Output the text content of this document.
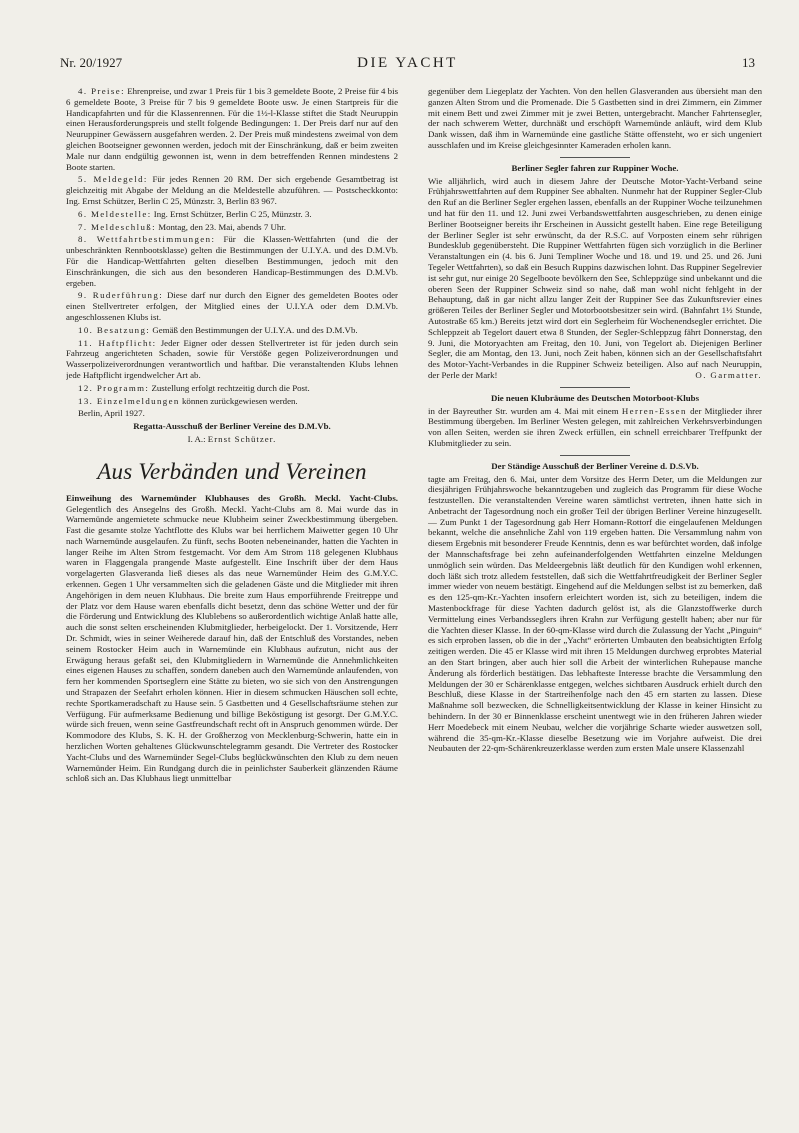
Nr. 20/1927	DIE YACHT	13

4. Preise: Ehrenpreise, und zwar 1 Preis für 1 bis 3 gemeldete Boote, 2 Preise für 4 bis 6 gemeldete Boote, 3 Preise für 7 bis 9 gemeldete Boote usw. Je einen Startpreis für die Handicapfahrten und für die Klassenrennen. Für die 1½-l-Klasse stiftet die Stadt Neuruppin einen Herausforderungspreis und stellt folgende Bedingungen: 1. Der Preis darf nur auf den Neuruppiner Gewässern ausgefahren werden. 2. Der Preis muß mindestens zweimal von dem gleichen Bootseigner gewonnen werden, jedoch mit der Einschränkung, daß er beim zweiten Male nur dann endgültig gewonnen ist, wenn in dem betreffenden Rennen mindestens 2 Boote starten.

5. Meldegeld: Für jedes Rennen 20 RM. Der sich ergebende Gesamtbetrag ist gleichzeitig mit Abgabe der Meldung an die Meldestelle abzuführen. — Postscheckkonto: Ing. Ernst Schützer, Berlin C 25, Münzstr. 3, Berlin 83 967.

6. Meldestelle: Ing. Ernst Schützer, Berlin C 25, Münzstr. 3.

7. Meldeschluß: Montag, den 23. Mai, abends 7 Uhr.

8. Wettfahrtbestimmungen: Für die Klassen-Wettfahrten (und die der unbeschränkten Rennbootsklasse) gelten die Bestimmungen der U.I.Y.A. und des D.M.Vb. Für die Handicap-Wettfahrten gelten dieselben Bestimmungen, jedoch mit den Einschränkungen, die sich aus den besonderen Handicap-Bestimmungen des D.M.Vb. ergeben.

9. Ruderführung: Diese darf nur durch den Eigner des gemeldeten Bootes oder einen Stellvertreter erfolgen, der Mitglied eines der U.I.Y.A oder dem D.M.Vb. angeschlossenen Klubs ist.

10. Besatzung: Gemäß den Bestimmungen der U.I.Y.A. und des D.M.Vb.

11. Haftpflicht: Jeder Eigner oder dessen Stellvertreter ist für jeden durch sein Fahrzeug angerichteten Schaden, sowie für Verstöße gegen Polizeiverordnungen und Wasserpolizeiverordnungen verantwortlich und haftbar. Die veranstaltenden Klubs lehnen jede Haftpflicht irgendwelcher Art ab.

12. Programm: Zustellung erfolgt rechtzeitig durch die Post.

13. Einzelmeldungen können zurückgewiesen werden.

Berlin, April 1927.

Regatta-Ausschuß der Berliner Vereine des D.M.Vb.

I. A.: Ernst Schützer.

Aus Verbänden und Vereinen

Einweihung des Warnemünder Klubhauses des Großh. Meckl. Yacht-Clubs. Gelegentlich des Ansegelns des Großh. Meckl. Yacht-Clubs am 8. Mai wurde das in Warnemünde angemietete schmucke neue Klubheim seiner Zweckbestimmung übergeben. Fast die gesamte stolze Yachtflotte des Klubs war bei herrlichem Maiwetter gegen 10 Uhr nach Warnemünde ausgelaufen. Zu fünft, sechs Booten nebeneinander, hatten die Yachten in langer Reihe im Alten Strom festgemacht. Vor dem Am Strom 118 gelegenen Klubhaus waren in Flaggengala prangende Maste aufgestellt. Eine Inschrift über der dem Haus vorgelagerten Glasveranda ließ dieses als das neue Warnemünder Heim des G.M.Y.C. erkennen. Gegen 1 Uhr versammelten sich die geladenen Gäste und die Mitglieder mit ihren Angehörigen in dem neuen Klubhaus. Die breite zum Haus emporführende Freitreppe und der Platz vor dem Hause waren ebenfalls dicht besetzt, denn das schöne Wetter und der für die Förderung und Entwicklung des Klublebens so außerordentlich wichtige Anlaß hatte alle, auch die sonst selten erscheinenden Klubmitglieder, herbeigelockt. Der 1. Vorsitzende, Herr Dr. Schmidt, wies in seiner Weiherede darauf hin, daß der Entschluß des Vorstandes, neben seinem Rostocker Heim auch in Warnemünde ein Klubhaus aufzutun, nicht aus der Erwägung heraus gefaßt sei, den Klubmitgliedern in Warnemünde die Annehmlichkeiten eines eigenen Hauses zu schaffen, sondern daneben auch den Warnemünde anlaufenden, von fern her kommenden Sportseglern eine Stätte zu bieten, wo sie sich von den Anstrengungen und Strapazen der Seefahrt erholen können. Hier in diesem schmucken Häuschen soll echte, rechte Sportkameradschaft zu Hause sein. 5 Gastbetten und 4 Gesellschaftsräume stehen zur Verfügung. Für aufmerksame Bedienung und billige Beköstigung ist gesorgt. Der G.M.Y.C. würde sich freuen, wenn seine Gastfreundschaft recht oft in Anspruch genommen würde. Der Kommodore des Klubs, S. K. H. der Großherzog von Mecklenburg-Schwerin, hatte ein in herzlichen Worten gehaltenes Glückwunschtelegramm gesandt. Die Vertreter des Rostocker Yacht-Clubs und des Warnemünder Segel-Clubs beglückwünschten den Klub zu dem neuen Warnemünder Heim. Ein Rundgang durch die in peinlichster Sauberkeit glänzenden Räume schloß sich an. Das Klubhaus liegt unmittelbar

gegenüber dem Liegeplatz der Yachten. Von den hellen Glasveranden aus übersieht man den ganzen Alten Strom und die Promenade. Die 5 Gastbetten sind in drei Zimmern, ein Zimmer mit einem Bett und zwei Zimmer mit je zwei Betten, untergebracht. Mancher Fahrtensegler, der nach schwerem Wetter, durchnäßt und erschöpft Warnemünde anläuft, wird dem Klub Dank wissen, daß ihm in Warnemünde eine gastliche Stätte offensteht, wo er sich ungeniert ausschlafen und im Kreise gleichgesinnter Kameraden erholen kann.

Berliner Segler fahren zur Ruppiner Woche.

Wie alljährlich, wird auch in diesem Jahre der Deutsche Motor-Yacht-Verband seine Frühjahrswettfahrten auf dem Ruppiner See abhalten. Nunmehr hat der Ruppiner Segler-Club den Ruf an die Berliner Segler ergehen lassen, ebenfalls an der Ruppiner Woche teilzunehmen und hat für den 11. und 12. Juni zwei Verbandswettfahrten ausgeschrieben, zu denen einige Berliner Bootseigner bereits ihr Erscheinen in Aussicht gestellt haben. Eine rege Beteiligung der Berliner Segler ist sehr erwünscht, da der R.S.C. auf Vorposten einem sehr rührigen Bundesklub gegenübersteht. Die Ruppiner Wettfahrten fügen sich vorzüglich in die Berliner Veranstaltungen ein (4. bis 6. Juni Templiner Woche und 18. und 19. und 25. und 26. Juni Tegeler Wettfahrten), so daß ein Besuch Ruppins dazwischen lohnt. Das Ruppiner Segelrevier ist sehr gut, nur einige 20 Segelboote bevölkern den See, Schleppzüge sind unbekannt und die oberen Seen der Ruppiner Schweiz sind so nahe, daß man wohl nicht fehlgeht in der Behauptung, daß in gar nicht allzu langer Zeit der Ruppiner See das Zukunftsrevier eines größeren Teiles der Berliner Segler und Motorbootsbesitzer sein wird. (Bahnfahrt 1½ Stunde, Autostraße 65 km.) Bereits jetzt wird dort ein Seglerheim für Wochenendsegler errichtet. Die Schleppzeit ab Tegelort dauert etwa 8 Stunden, der Segler-Schleppzug fährt Donnerstag, den 9. Juni, die Motoryachten am Freitag, den 10. Juni, von Tegelort ab. Diejenigen Berliner Segler, die am Montag, den 13. Juni, noch Zeit haben, können sich an der Gesellschaftsfahrt des Motor-Yacht-Verbandes in die Ruppiner Schweiz beteiligen. Also auf nach Neuruppin, der Perle der Mark!	O. Garmatter.

Die neuen Klubräume des Deutschen Motorboot-Klubs

in der Bayreuther Str. wurden am 4. Mai mit einem Herren-Essen der Mitglieder ihrer Bestimmung übergeben. Im Berliner Westen gelegen, mit zahlreichen Verkehrsverbindungen von allen Seiten, werden sie ihren Zweck erfüllen, ein schnell erreichbarer Treffpunkt der Klubmitglieder zu sein.

Der Ständige Ausschuß der Berliner Vereine d. D.S.Vb.

tagte am Freitag, den 6. Mai, unter dem Vorsitze des Herrn Deter, um die Meldungen zur diesjährigen Frühjahrswoche bekanntzugeben und zugleich das Programm für diese Woche festzustellen. Die veranstaltenden Vereine waren sämtlichst vertreten, ihnen hatte sich in Anbetracht der Tagesordnung noch ein großer Teil der übrigen Berliner Vereine hinzugesellt. — Zum Punkt 1 der Tagesordnung gab Herr Homann-Rottorf die eingelaufenen Meldungen bekannt, welche die ansehnliche Zahl von 119 ergeben hatten. Die Versammlung nahm von diesem Ergebnis mit besonderer Freude Kenntnis, denn es war befürchtet worden, daß infolge der Mannschaftsfrage bei zehn aufeinanderfolgenden Wettfahrten einzelne Meldungen unmöglich sein würden. Das Meldeergebnis läßt deutlich für den Kundigen wohl erkennen, doch läßt sich trotz alledem feststellen, daß sich die Wettfahrtfreudigkeit der Berliner Segler immer wieder von neuem bestätigt. Eingehend auf die Meldungen selbst ist zu bemerken, daß es den 125-qm-Kr.-Yachten insofern erleichtert worden ist, sich zu beteiligen, indem die Mastenbockfrage für diese Yachten dadurch gelöst ist, als die Glanzstoffwerke durch Vermittelung eines Verbandsseglers ihren Krahn zur Verfügung gestellt haben; aber nur für die Yachten dieser Klasse. In der 60-qm-Klasse wird durch die Zulassung der Yacht „Pinguin“ es sich erproben lassen, ob die in der „Yacht“ erörterten Umbauten den beabsichtigten Erfolg zeitigen werden. Die 45 er Klasse wird mit ihren 15 Meldungen durchweg erprobtes Material an den Start bringen, aber auch hier soll die Arbeit der winterlichen Ruhepause manche Änderung als förderlich bestätigen. Das lebhafteste Interesse brachte die Versammlung den Meldungen der 30 er Schärenklasse entgegen, welches sichtbaren Ausdruck erhielt durch den Beschluß, diese Klasse in der Startreihenfolge nach den 45 ern starten zu lassen. Diese Maßnahme soll bezwecken, die Schnelligkeitsentwicklung der Klasse in keiner Hinsicht zu behindern. In der 30 er Binnenklasse erscheint unentwegt wie in den früheren Jahren wieder Herr Moedebeck mit einem Neubau, welcher die vorjährige Scharte wieder auswetzen soll, während die 35-qm-Kr.-Klasse dieselbe Besetzung wie im Vorjahre aufweist. Die drei Neubauten der 22-qm-Schärenkreuzerklasse werden zum ersten Male unsere Klassenzahl
